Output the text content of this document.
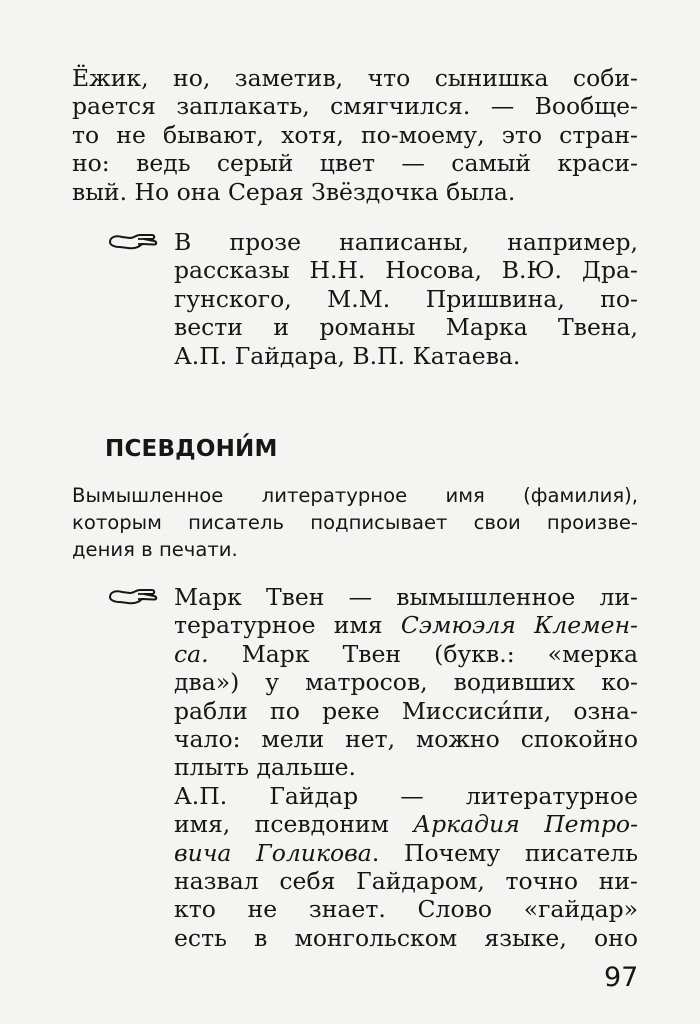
Ёжик, но, заметив, что сынишка соби-
рается заплакать, смягчился. — Вообще-
то не бывают, хотя, по-моему, это стран-
но: ведь серый цвет — самый краси-
вый. Но она Серая Звёздочка была.
В прозе написаны, например,
рассказы Н.Н. Носова, В.Ю. Дра-
гунского, М.М. Пришвина, по-
вести и романы Марка Твена,
А.П. Гайдара, В.П. Катаева.
ПСЕВДОНИ́М
Вымышленное литературное имя (фамилия),
которым писатель подписывает свои произве-
дения в печати.
Марк Твен — вымышленное ли-
тературное имя Сэмюэля Клемен-
са. Марк Твен (букв.: «мерка
два») у матросов, водивших ко-
рабли по реке Миссиси́пи, озна-
чало: мели нет, можно спокойно
плыть дальше.
А.П. Гайдар — литературное
имя, псевдоним Аркадия Петро-
вича Голикова. Почему писатель
назвал себя Гайдаром, точно ни-
кто не знает. Слово «гайдар»
есть в монгольском языке, оно
97
